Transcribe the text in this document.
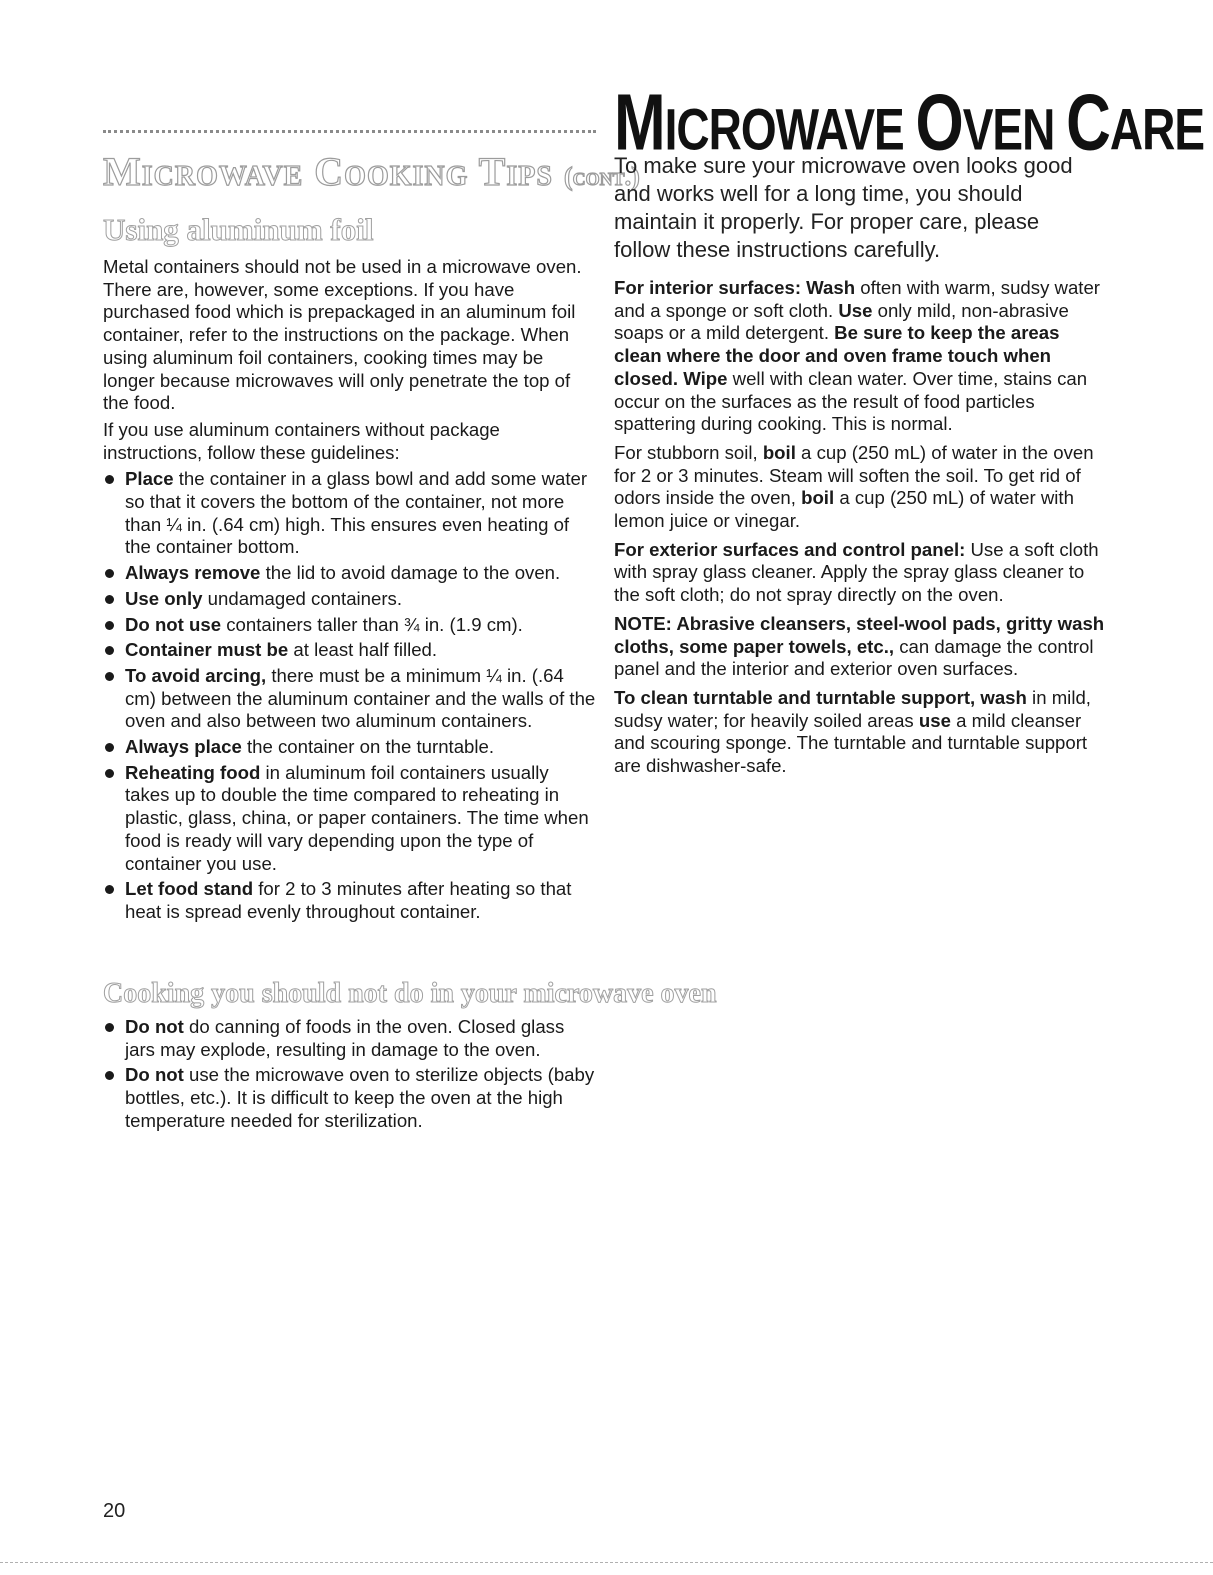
Microwave Cooking Tips (cont.)
Using aluminum foil

Metal containers should not be used in a microwave oven. There are, however, some exceptions. If you have purchased food which is prepackaged in an aluminum foil container, refer to the instructions on the package. When using aluminum foil containers, cooking times may be longer because microwaves will only penetrate the top of the food.

If you use aluminum containers without package instructions, follow these guidelines:

Place the container in a glass bowl and add some water so that it covers the bottom of the container, not more than ¼ in. (.64 cm) high. This ensures even heating of the container bottom.
Always remove the lid to avoid damage to the oven.
Use only undamaged containers.
Do not use containers taller than ¾ in. (1.9 cm).
Container must be at least half filled.
To avoid arcing, there must be a minimum ¼ in. (.64 cm) between the aluminum container and the walls of the oven and also between two aluminum containers.
Always place the container on the turntable.
Reheating food in aluminum foil containers usually takes up to double the time compared to reheating in plastic, glass, china, or paper containers. The time when food is ready will vary depending upon the type of container you use.
Let food stand for 2 to 3 minutes after heating so that heat is spread evenly throughout container.
Cooking you should not do in your microwave oven
Do not do canning of foods in the oven. Closed glass jars may explode, resulting in damage to the oven.
Do not use the microwave oven to sterilize objects (baby bottles, etc.). It is difficult to keep the oven at the high temperature needed for sterilization.
MICROWAVE OVEN CARE
To make sure your microwave oven looks good and works well for a long time, you should maintain it properly. For proper care, please follow these instructions carefully.

For interior surfaces: Wash often with warm, sudsy water and a sponge or soft cloth. Use only mild, non-abrasive soaps or a mild detergent. Be sure to keep the areas clean where the door and oven frame touch when closed. Wipe well with clean water. Over time, stains can occur on the surfaces as the result of food particles spattering during cooking. This is normal.

For stubborn soil, boil a cup (250 mL) of water in the oven for 2 or 3 minutes. Steam will soften the soil. To get rid of odors inside the oven, boil a cup (250 mL) of water with lemon juice or vinegar.

For exterior surfaces and control panel: Use a soft cloth with spray glass cleaner. Apply the spray glass cleaner to the soft cloth; do not spray directly on the oven.

NOTE: Abrasive cleansers, steel-wool pads, gritty wash cloths, some paper towels, etc., can damage the control panel and the interior and exterior oven surfaces.

To clean turntable and turntable support, wash in mild, sudsy water; for heavily soiled areas use a mild cleanser and scouring sponge. The turntable and turntable support are dishwasher-safe.

20
